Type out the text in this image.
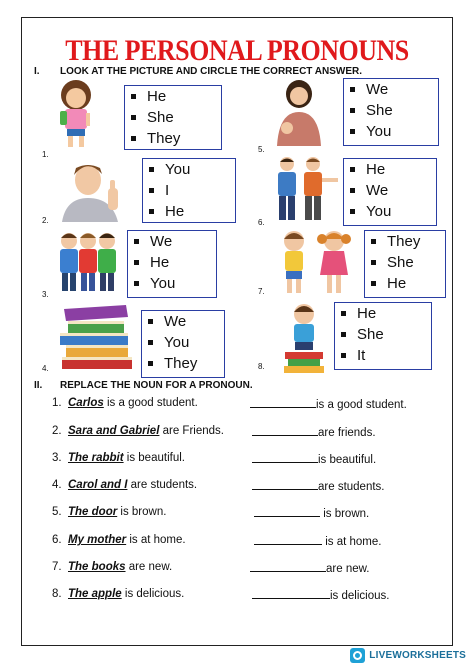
THE PERSONAL PRONOUNS
I. LOOK AT THE PICTURE AND CIRCLE THE CORRECT ANSWER.
1.
He
She
They
2.
You
I
He
3.
We
He
You
4.
We
You
They
5.
We
She
You
6.
He
We
You
7.
They
She
He
8.
He
She
It
II. REPLACE THE NOUN FOR A PRONOUN.
1. Carlos is a good student.	is a good student.
2. Sara and Gabriel are Friends.	are friends.
3. The rabbit is beautiful.	is beautiful.
4. Carol and I are students.	are students.
5. The door is brown.	is brown.
6. My mother is at home.	is at home.
7. The books are new.	are new.
8. The apple is delicious.	is delicious.
LIVEWORKSHEETS
